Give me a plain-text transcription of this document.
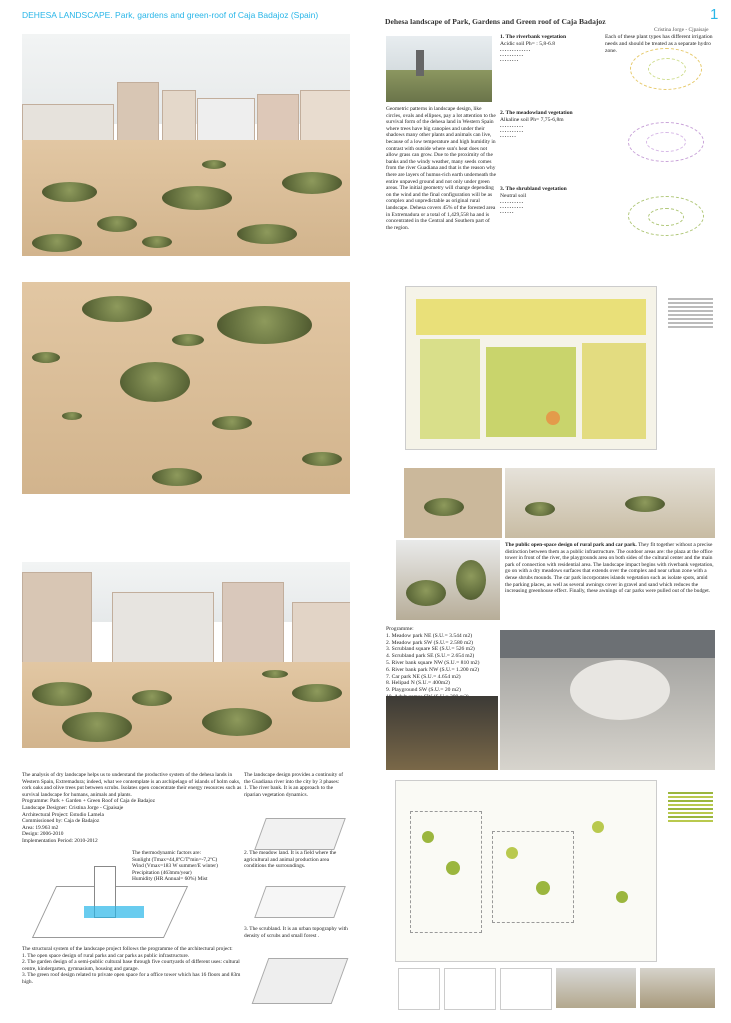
DEHESA LANDSCAPE. Park, gardens and green-roof of Caja Badajoz (Spain)	1
Dehesa landscape of Park, Gardens and Green roof of Caja Badajoz
Cristina Jorge - Cjpaisaje
Geometric patterns in landscape design, like circles, ovals and ellipses, pay a lot attention to the survival form of the dehesa land in Western Spain where trees have big canopies and under their shadows many other plants and animals can live, because of a low temperature and high humidity in contrast with outside where sun's heat does not allow grass can grow. Due to the proximity of the banks and the windy weather, many seeds comes from the river Guadiana and that is the reason why there are layers of humus-rich earth underneath the entire unpaved ground and not only under green areas. The initial geometry will change depending on the wind and the final configuration will be as complex and unpredictable as original rural landscape. Dehesa covers 45% of the forested area in Extremadura or a total of 1,429,558 ha and is concentrated in the Central and Southern part of the region.
1. The riverbank vegetation
Acidic soil Ph= : 5,8-6.8
• • • • • • • • • • • • •
• • • • • • • • • •
• • • • • • • •
Each of these plant types has different irrigation needs and should be treated as a separate hydro zone.
2. The meadowland vegetation
Alkaline soil Ph= 7,75-6,8m
• • • • • • • • • •
• • • • • • • • • •
• • • • • • •
3. The shrubland vegetation
Neutral soil
• • • • • • • • • •
• • • • • • • • • •
• • • • • •
The public open-space design of rural park and car park. They fit together without a precise distinction between them as a public infrastructure. The outdoor areas are: the plaza at the office tower in front of the river, the playgrounds area on both sides of the cultural center and the main park of connection with residential area. The landscape impact begins with riverbank vegetation, go on with a dry meadows surfaces that extends over the complex and near urban zone with a dense shrubs mounds. The car park incorporates islands vegetation such as isolate spots, amid the parking places, as well as several awnings cover in gravel and sand which reduces the increasing greenhouse effect. Finally, these awnings of car parks were pulled out of the budget.
Programme:
1. Meadow park NE (S.U.= 3.544 m2)
2. Meadow park SW (S.U.= 2.580 m2)
3. Scrubland square SE (S.U.= 526 m2)
4. Scrubland park SE (S.U.= 2.654 m2)
5. River bank square NW (S.U.= 810 m2)
6. River bank park NW (S.U.= 1.200 m2)
7. Car park NE (S.U.= 4.654 m2)
8. Helipad N (S.U.= 400m2)
9. Playground SW (S.U.= 20 m2)
The analysis of dry landscape helps us to understand the productive system of the dehesa lands in Western Spain, Extremadura; indeed, what we contemplate is an archipelago of islands of holm oaks, cork oaks and olive trees put between scrubs. Isolates open concentrate their energy resources such as survival landscape for humans, animals and plants.
Programme: Park + Garden + Green Roof of Caja de Badajoz
Landscape Designer: Cristina Jorge - Cjpaisaje
Architectural Project: Estudio Lamela
Commissioned by: Caja de Badajoz
Area: 19.963 m2
Design: 2006-2010
Implementation Period: 2010-2012
The landscape design provides a continuity of the Guadiana river into the city by 3 phases:
1. The river bank. It is an approach to the riparian vegetation dynamics.
The thermodynamic factors are:
Sunlight (Tmax=44,8ºC/Tºmin=-7,2ºC)
Wind (Vmax=183 W summer/E winter)
Precipitation (463mm/year)
Humidity (HR Annual= 60%) Mist
2. The meadow land. It is a field where the agricultural and animal production area conditions the surroundings.
3. The scrubland. It is an urban topography with density of scrubs and small forest .
The structural system of the landscape project follows the programme of the architectural project:
1. The open space design of rural parks and car parks as public infrastructure.
2. The garden design of a semi-public cultural base through five courtyards of different uses: cultural centre, kindergarten, gymnasium, housing and garage.
3. The green roof design related to private open space for a office tower which has 16 floors and 83m high.
